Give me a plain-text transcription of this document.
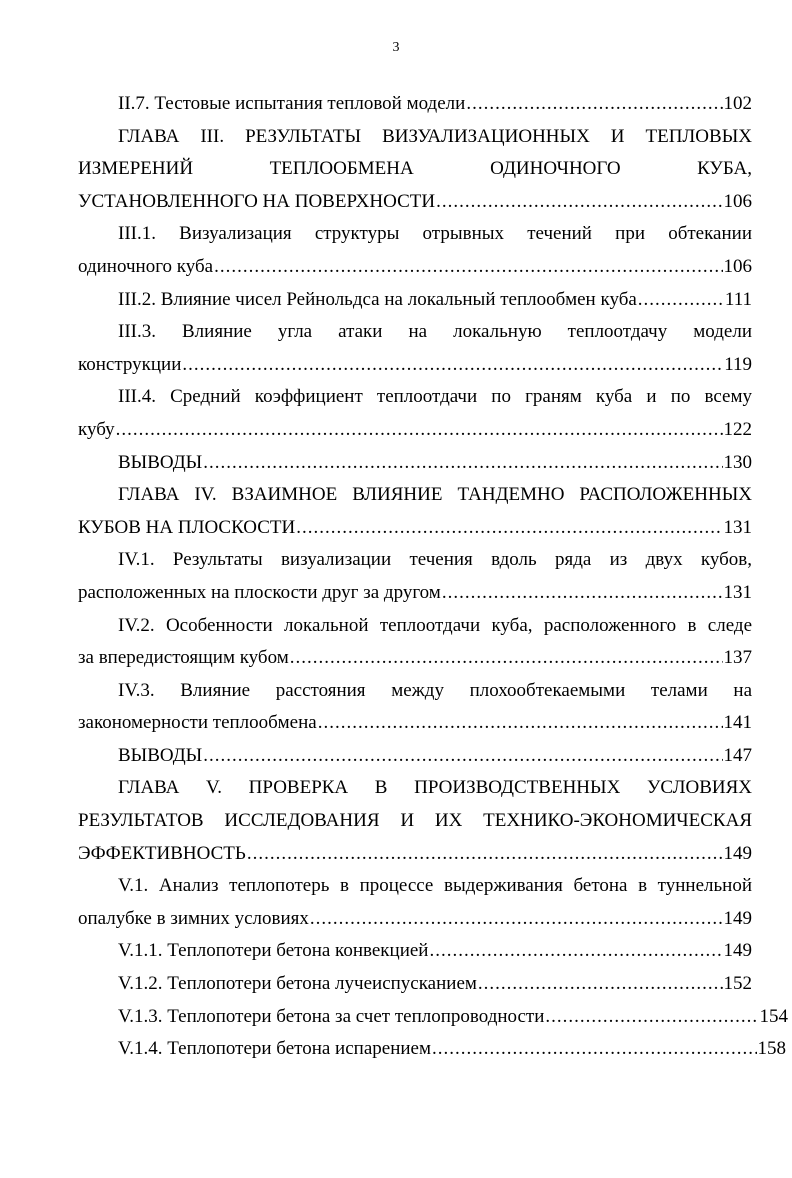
3
II.7. Тестовые испытания тепловой модели .....	102
ГЛАВА III. РЕЗУЛЬТАТЫ ВИЗУАЛИЗАЦИОННЫХ И ТЕПЛОВЫХ
ИЗМЕРЕНИЙ ТЕПЛООБМЕНА ОДИНОЧНОГО КУБА,
УСТАНОВЛЕННОГО НА ПОВЕРХНОСТИ .....	106
III.1. Визуализация структуры отрывных течений при обтекании
одиночного куба .....	106
III.2. Влияние чисел Рейнольдса на локальный теплообмен куба .....	111
III.3. Влияние угла атаки на локальную теплоотдачу модели
конструкции .....	119
III.4. Средний коэффициент теплоотдачи по граням куба и по всему
кубу .....	122
ВЫВОДЫ .....	130
ГЛАВА IV. ВЗАИМНОЕ ВЛИЯНИЕ ТАНДЕМНО РАСПОЛОЖЕННЫХ
КУБОВ НА ПЛОСКОСТИ .....	131
IV.1. Результаты визуализации течения вдоль ряда из двух кубов,
расположенных на плоскости друг за другом .....	131
IV.2. Особенности локальной теплоотдачи куба, расположенного в следе
за впередистоящим кубом .....	137
IV.3. Влияние расстояния между плохообтекаемыми телами на
закономерности теплообмена .....	141
ВЫВОДЫ .....	147
ГЛАВА V. ПРОВЕРКА В ПРОИЗВОДСТВЕННЫХ УСЛОВИЯХ
РЕЗУЛЬТАТОВ ИССЛЕДОВАНИЯ И ИХ ТЕХНИКО-ЭКОНОМИЧЕСКАЯ
ЭФФЕКТИВНОСТЬ .....	149
V.1. Анализ теплопотерь в процессе выдерживания бетона в туннельной
опалубке в зимних условиях .....	149
V.1.1. Теплопотери бетона конвекцией .....	149
V.1.2. Теплопотери бетона лучеиспусканием .....	152
V.1.3. Теплопотери бетона за счет теплопроводности .....	154
V.1.4. Теплопотери бетона испарением .....	158
